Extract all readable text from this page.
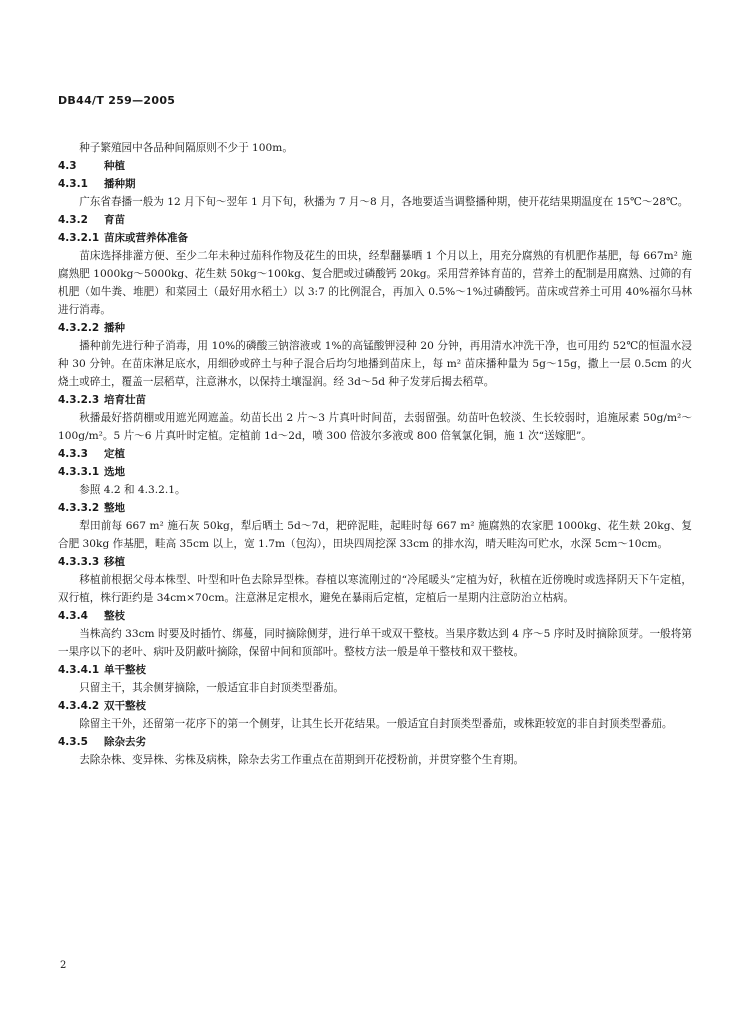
DB44/T 259—2005
种子繁殖园中各品种间隔原则不少于 100m。
4.3	种植
4.3.1 播种期
广东省春播一般为 12 月下旬～翌年 1 月下旬，秋播为 7 月～8 月，各地要适当调整播种期，使开花结果期温度在 15℃～28℃。
4.3.2 育苗
4.3.2.1 苗床或营养体准备
苗床选择排灌方便、至少二年未种过茄科作物及花生的田块，经犁翻暴晒 1 个月以上，用充分腐熟的有机肥作基肥，每 667m² 施腐熟肥 1000kg～5000kg、花生麸 50kg～100kg、复合肥或过磷酸钙 20kg。采用营养钵育苗的，营养土的配制是用腐熟、过筛的有机肥（如牛粪、堆肥）和菜园土（最好用水稻土）以 3:7 的比例混合，再加入 0.5%～1%过磷酸钙。苗床或营养土可用 40%福尔马林进行消毒。
4.3.2.2 播种
播种前先进行种子消毒，用 10%的磷酸三钠溶液或 1%的高锰酸钾浸种 20 分钟，再用清水冲洗干净，也可用约 52℃的恒温水浸种 30 分钟。在苗床淋足底水，用细砂或碎土与种子混合后均匀地播到苗床上，每 m² 苗床播种量为 5g～15g，撒上一层 0.5cm 的火烧土或碎土，覆盖一层稻草，注意淋水，以保持土壤湿润。经 3d～5d 种子发芽后揭去稻草。
4.3.2.3 培育壮苗
秋播最好搭荫棚或用遮光网遮盖。幼苗长出 2 片～3 片真叶时间苗，去弱留强。幼苗叶色较淡、生长较弱时，追施尿素 50g/m²～100g/m²。5 片～6 片真叶时定植。定植前 1d～2d，喷 300 倍波尔多液或 800 倍氧氯化铜，施 1 次“送嫁肥”。
4.3.3 定植
4.3.3.1 选地
参照 4.2 和 4.3.2.1。
4.3.3.2 整地
犁田前每 667 m² 施石灰 50kg，犁后晒土 5d～7d，耙碎泥畦，起畦时每 667 m² 施腐熟的农家肥 1000kg、花生麸 20kg、复合肥 30kg 作基肥，畦高 35cm 以上，宽 1.7m（包沟），田块四周挖深 33cm 的排水沟，晴天畦沟可贮水，水深 5cm～10cm。
4.3.3.3 移植
移植前根据父母本株型、叶型和叶色去除异型株。春植以寒流刚过的“冷尾暖头”定植为好，秋植在近傍晚时或选择阴天下午定植，双行植，株行距约是 34cm×70cm。注意淋足定根水，避免在暴雨后定植，定植后一星期内注意防治立枯病。
4.3.4 整枝
当株高约 33cm 时要及时插竹、绑蔓，同时摘除侧芽，进行单干或双干整枝。当果序数达到 4 序～5 序时及时摘除顶芽。一般将第一果序以下的老叶、病叶及阴蔽叶摘除，保留中间和顶部叶。整枝方法一般是单干整枝和双干整枝。
4.3.4.1 单干整枝
只留主干，其余侧芽摘除，一般适宜非自封顶类型番茄。
4.3.4.2 双干整枝
除留主干外，还留第一花序下的第一个侧芽，让其生长开花结果。一般适宜自封顶类型番茄，或株距较宽的非自封顶类型番茄。
4.3.5 除杂去劣
去除杂株、变异株、劣株及病株，除杂去劣工作重点在苗期到开花授粉前，并贯穿整个生育期。
2
